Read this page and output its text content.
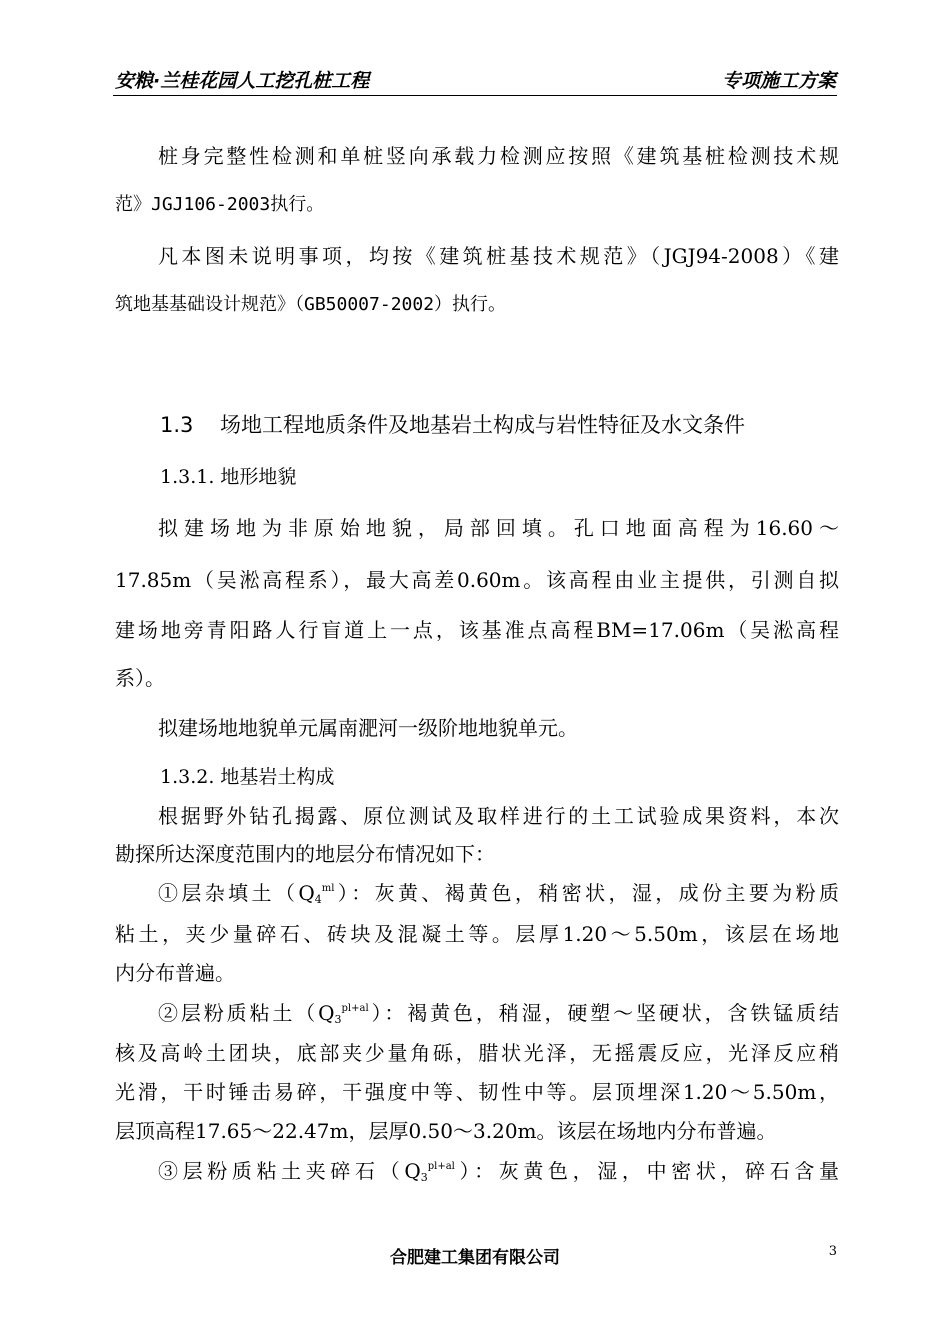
安粮·兰桂花园人工挖孔桩工程	专项施工方案
桩身完整性检测和单桩竖向承载力检测应按照《建筑基桩检测技术规
范》JGJ106-2003执行。
凡本图未说明事项，均按《建筑桩基技术规范》（JGJ94-2008）《建
筑地基基础设计规范》（GB50007-2002）执行。
1.3 场地工程地质条件及地基岩土构成与岩性特征及水文条件
1.3.1. 地形地貌
拟建场地为非原始地貌，局部回填。孔口地面高程为16.60～
17.85m（吴淞高程系），最大高差0.60m。该高程由业主提供，引测自拟
建场地旁青阳路人行盲道上一点，该基准点高程BM=17.06m（吴淞高程
系）。
拟建场地地貌单元属南淝河一级阶地地貌单元。
1.3.2. 地基岩土构成
根据野外钻孔揭露、原位测试及取样进行的土工试验成果资料，本次
勘探所达深度范围内的地层分布情况如下：
①层杂填土$(Q_4^{ml})$：灰黄、褐黄色，稍密状，湿，成份主要为粉质
粘土，夹少量碎石、砖块及混凝土等。层厚1.20～5.50m，该层在场地
内分布普遍。
②层粉质粘土$(Q_3^{pl+al})$：褐黄色，稍湿，硬塑～坚硬状，含铁锰质结
核及高岭土团块，底部夹少量角砾，腊状光泽，无摇震反应，光泽反应稍
光滑，干时锤击易碎，干强度中等、韧性中等。层顶埋深1.20～5.50m，
层顶高程17.65～22.47m，层厚0.50～3.20m。该层在场地内分布普遍。
③层粉质粘土夹碎石$(Q_3^{pl+al})$：灰黄色，湿，中密状，碎石含量
合肥建工集团有限公司	3
